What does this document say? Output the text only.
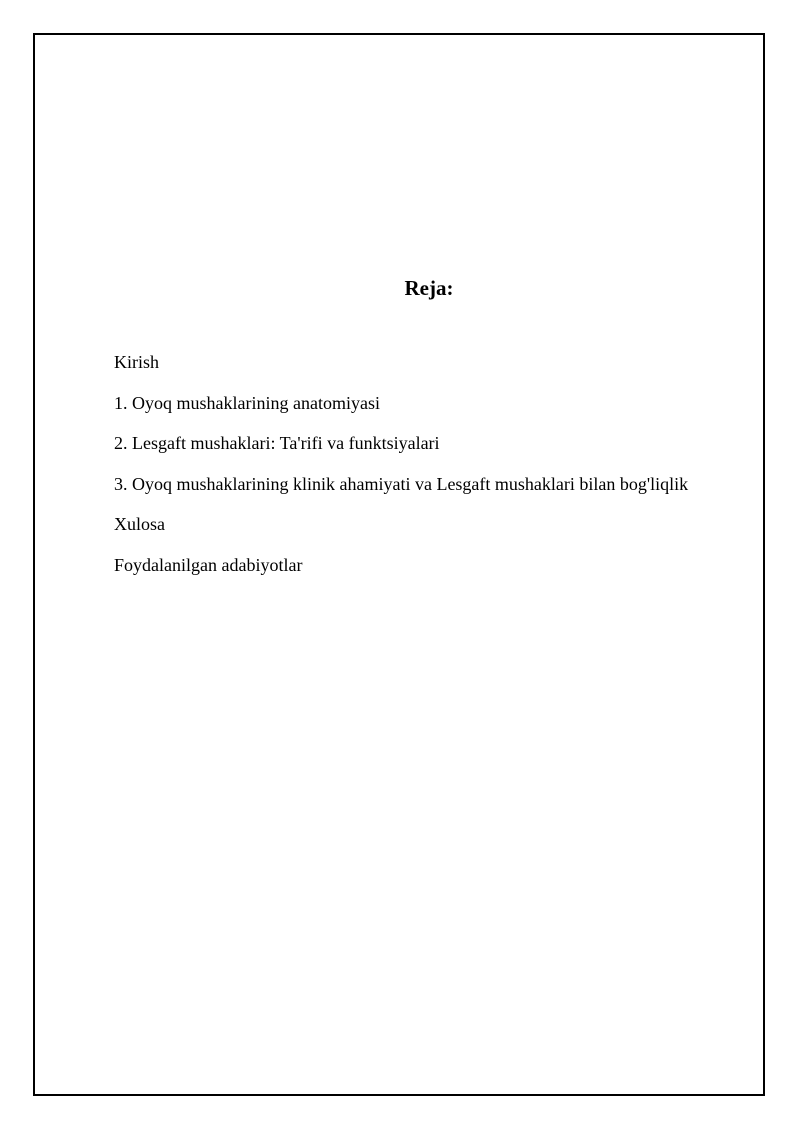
Reja:
Kirish
1. Oyoq mushaklarining anatomiyasi
2. Lesgaft mushaklari: Ta'rifi va funktsiyalari
3. Oyoq mushaklarining klinik ahamiyati va Lesgaft mushaklari bilan bog'liqlik
Xulosa
Foydalanilgan adabiyotlar
